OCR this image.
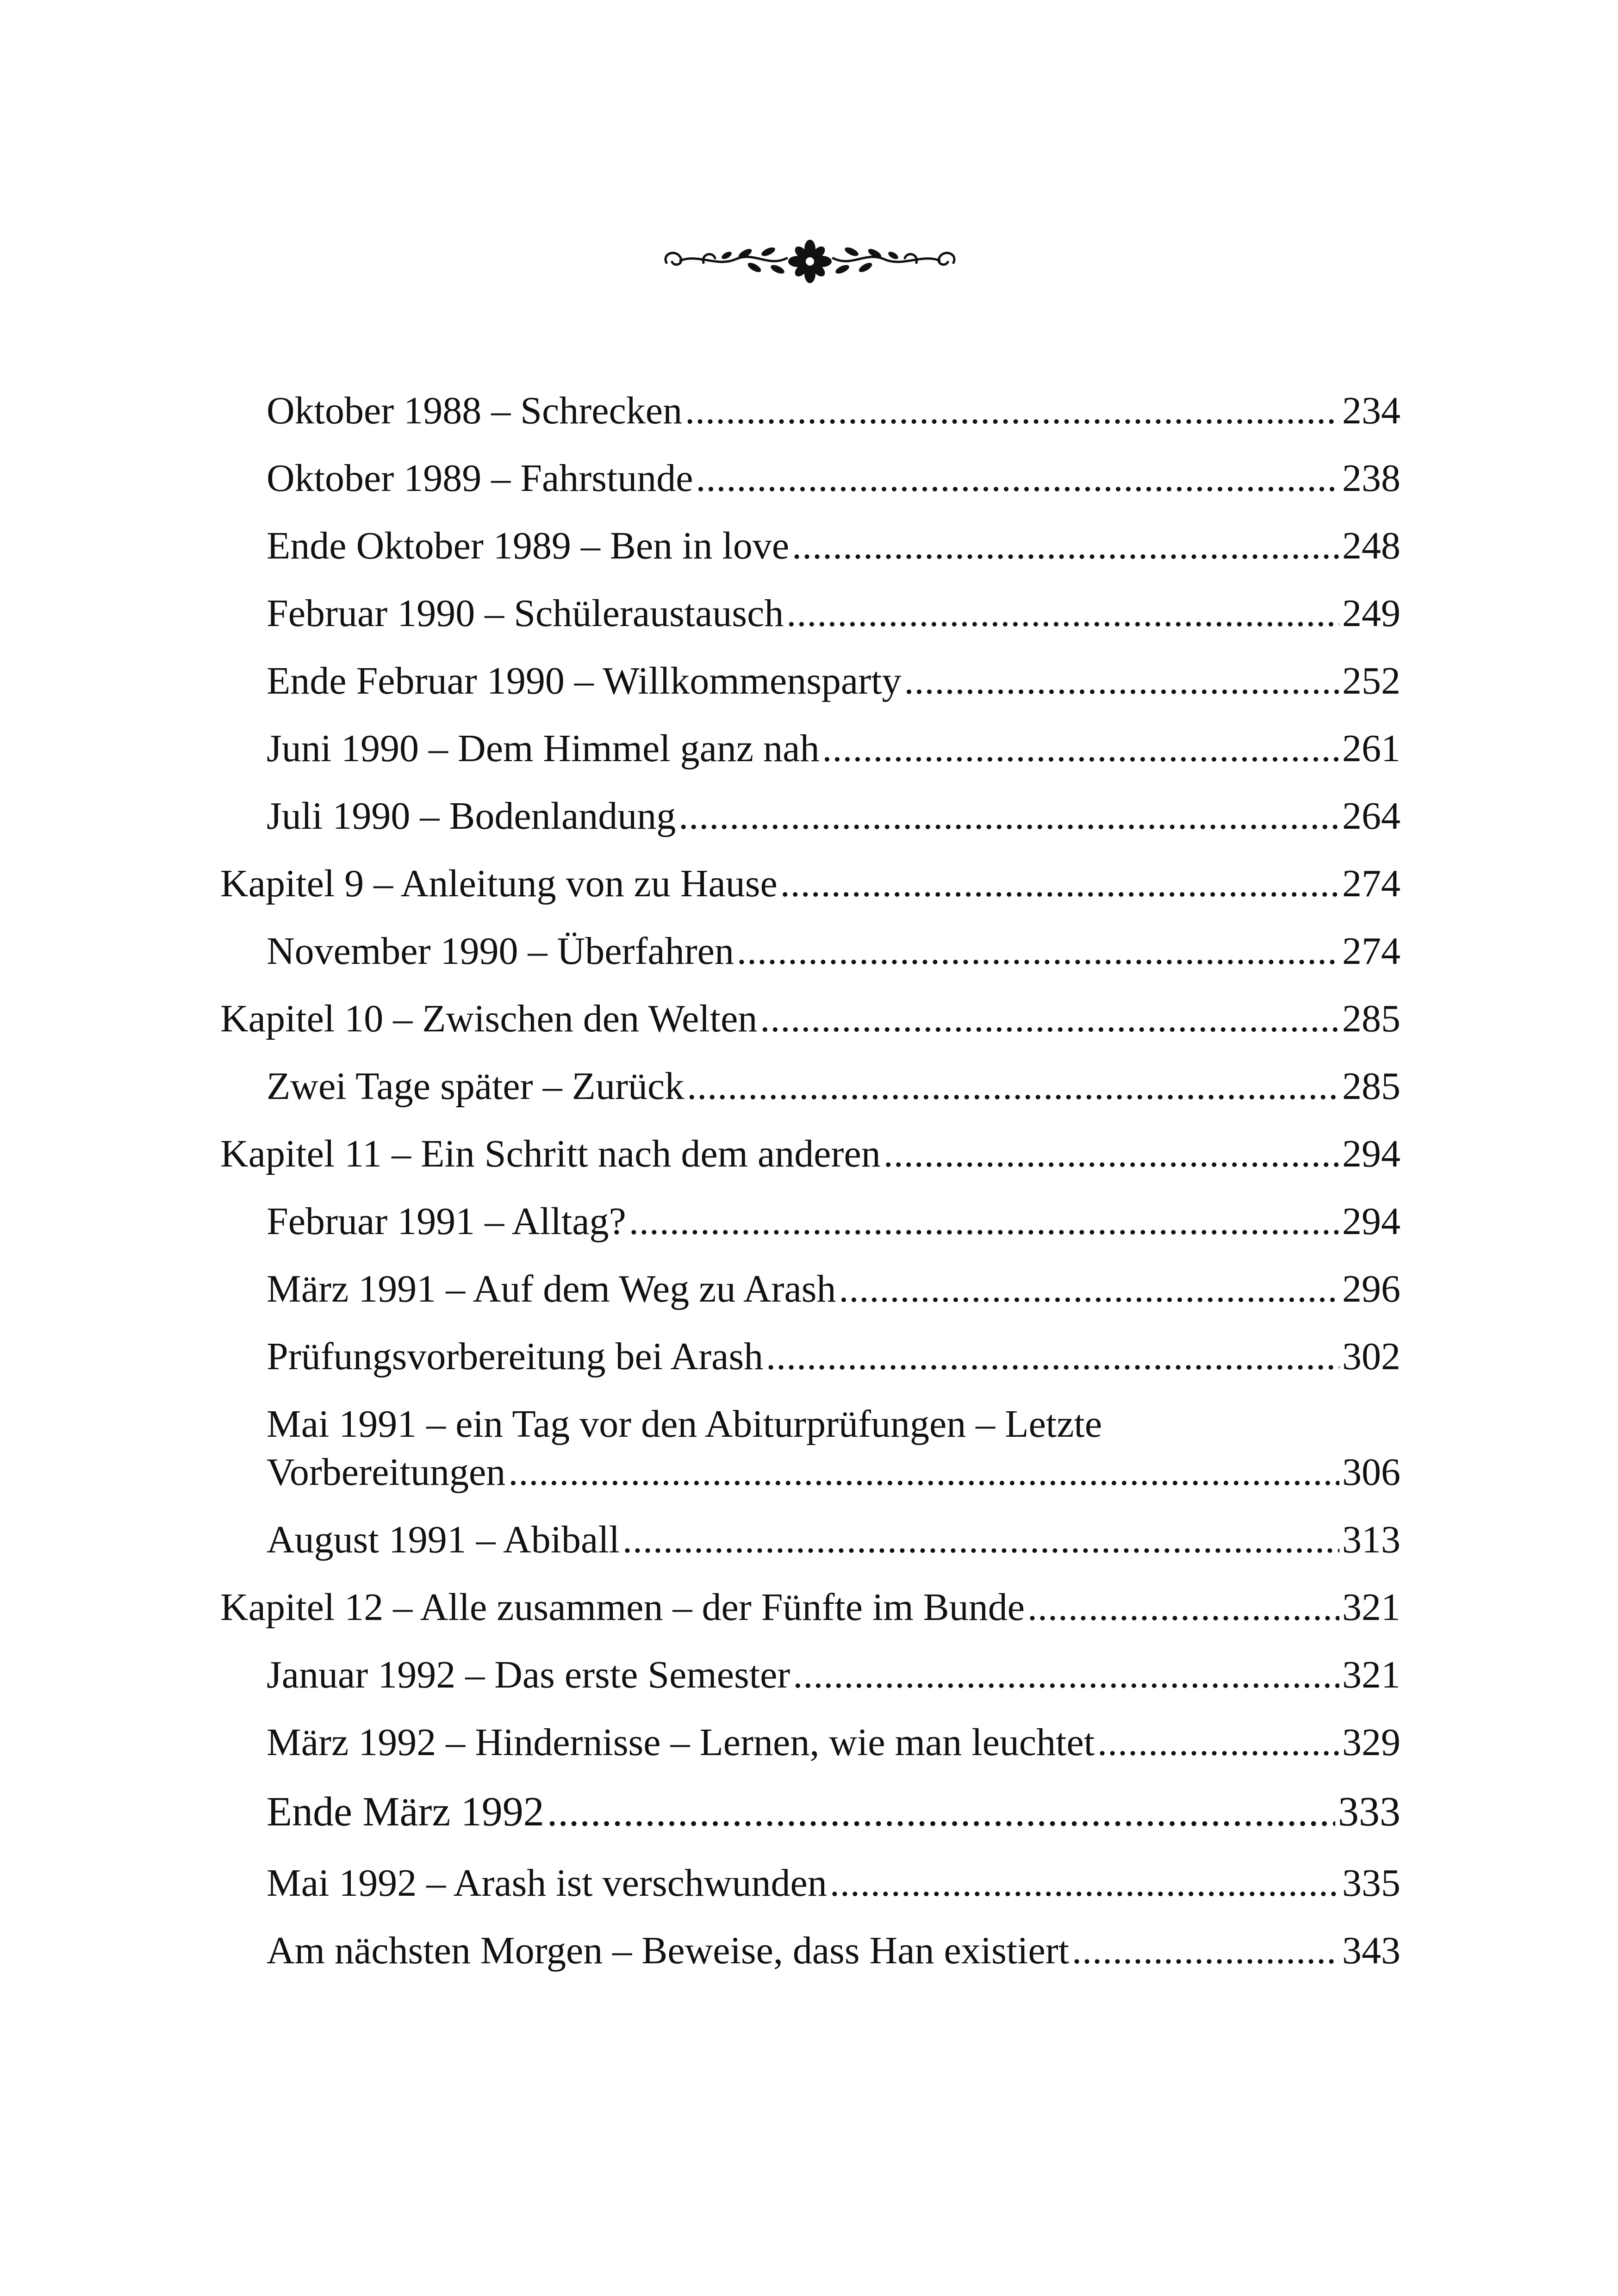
Oktober 1988 – Schrecken .....	234
Oktober 1989 – Fahrstunde .....	238
Ende Oktober 1989 – Ben in love .....	248
Februar 1990 – Schüleraustausch .....	249
Ende Februar 1990 – Willkommensparty .....	252
Juni 1990 – Dem Himmel ganz nah .....	261
Juli 1990 – Bodenlandung .....	264
Kapitel 9 – Anleitung von zu Hause .....	274
November 1990 – Überfahren .....	274
Kapitel 10 – Zwischen den Welten .....	285
Zwei Tage später – Zurück .....	285
Kapitel 11 – Ein Schritt nach dem anderen .....	294
Februar 1991 – Alltag? .....	294
März 1991 – Auf dem Weg zu Arash .....	296
Prüfungsvorbereitung bei Arash .....	302
Mai 1991 – ein Tag vor den Abiturprüfungen – Letzte
Vorbereitungen .....	306
August 1991 – Abiball .....	313
Kapitel 12 – Alle zusammen – der Fünfte im Bunde .....	321
Januar 1992 – Das erste Semester .....	321
März 1992 – Hindernisse – Lernen, wie man leuchtet .....	329
Ende März 1992 .....	333
Mai 1992 – Arash ist verschwunden .....	335
Am nächsten Morgen – Beweise, dass Han existiert .....	343
